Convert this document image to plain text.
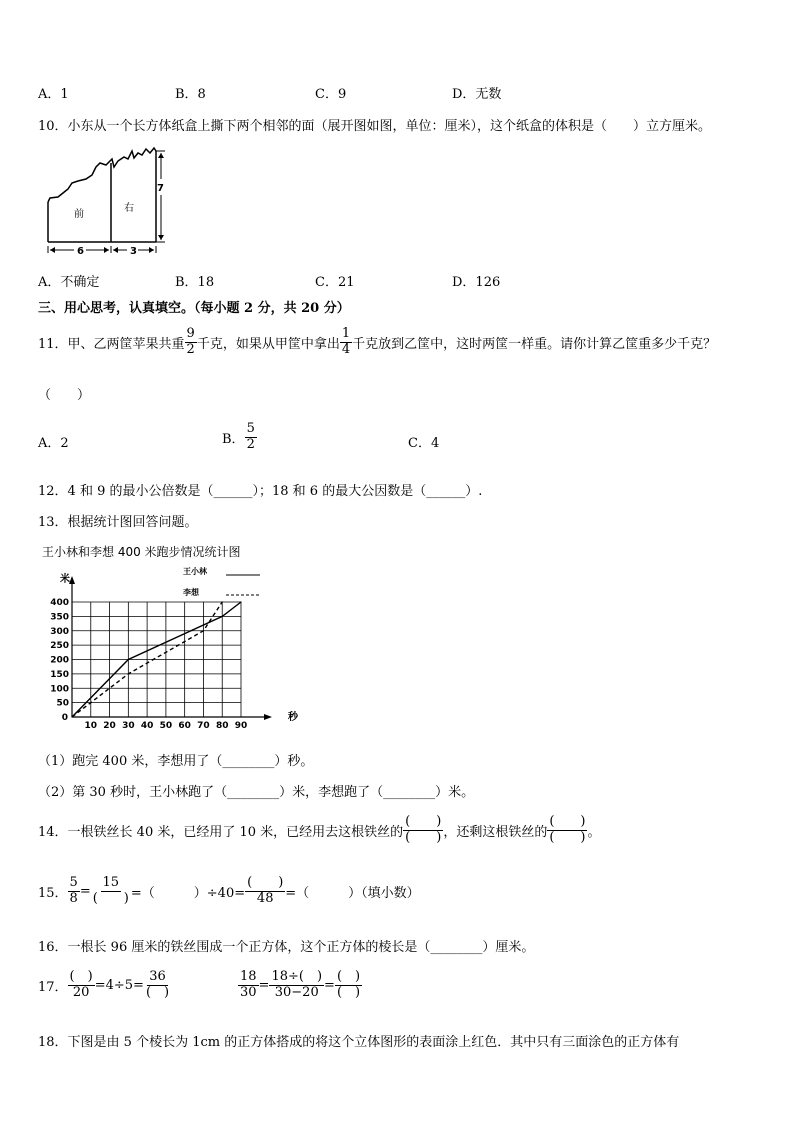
A．1	B．8	C．9	D．无数
10．小东从一个长方体纸盒上撕下两个相邻的面（展开图如图，单位：厘米），这个纸盒的体积是（　　）立方厘米。
前
右
6	3
7
A．不确定	B．18	C．21	D．126
三、用心思考，认真填空。（每小题 2 分，共 20 分）
11．甲、乙两筐苹果共重 $\frac{9}{2}$ 千克，如果从甲筐中拿出 $\frac{1}{4}$ 千克放到乙筐中，这时两筐一样重。请你计算乙筐重多少千克？
（　　）
A．2	B． $\frac{5}{2}$	C．4
12．4 和 9 的最小公倍数是（______）；18 和 6 的最大公因数是（______）.
13．根据统计图回答问题。
王小林和李想 400 米跑步情况统计图
米
秒
王小林
李想
10 20 30 40 50 60 70 80 90
400
350
300
250
200
150
100
50
0
（1）跑完 400 米，李想用了（________）秒。
（2）第 30 秒时，王小林跑了（________）米，李想跑了（________）米。
14．一根铁丝长 40 米，已经用了 10 米，已经用去这根铁丝的 $\frac{( )}{( )}$ ，还剩这根铁丝的 $\frac{( )}{( )}$ 。
15． $\frac{5}{8} = \frac{15}{( )}$ =（　　　）$\div 40= \frac{( )}{48}$ =（　　　）（填小数）
16．一根长 96 厘米的铁丝围成一个正方体，这个正方体的棱长是（________）厘米。
17． $\frac{( )}{20} =4\div 5= \frac{36}{( )}$	$\frac{18}{30} = \frac{18\div( )}{30-20} = \frac{( )}{( )}$
18．下图是由 5 个棱长为 1cm 的正方体搭成的将这个立体图形的表面涂上红色．其中只有三面涂色的正方体有
